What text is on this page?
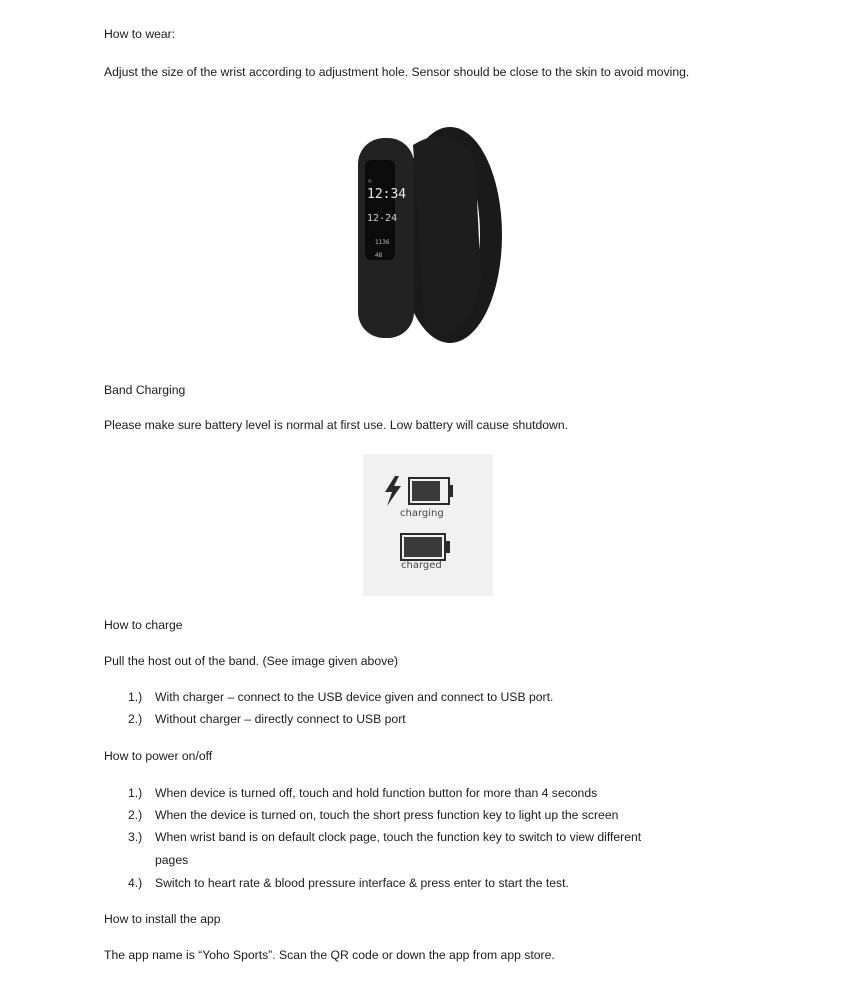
How to wear:
Adjust the size of the wrist according to adjustment hole. Sensor should be close to the skin to avoid moving.
⬛
12:34
12-24
1136
48
Band Charging
Please make sure battery level is normal at first use. Low battery will cause shutdown.
charging
charged
How to charge
Pull the host out of the band. (See image given above)
1.) With charger – connect to the USB device given and connect to USB port.
2.) Without charger – directly connect to USB port
How to power on/off
1.) When device is turned off, touch and hold function button for more than 4 seconds
2.) When the device is turned on, touch the short press function key to light up the screen
3.) When wrist band is on default clock page, touch the function key to switch to view different
pages
4.) Switch to heart rate & blood pressure interface & press enter to start the test.
How to install the app
The app name is “Yoho Sports”. Scan the QR code or down the app from app store.
